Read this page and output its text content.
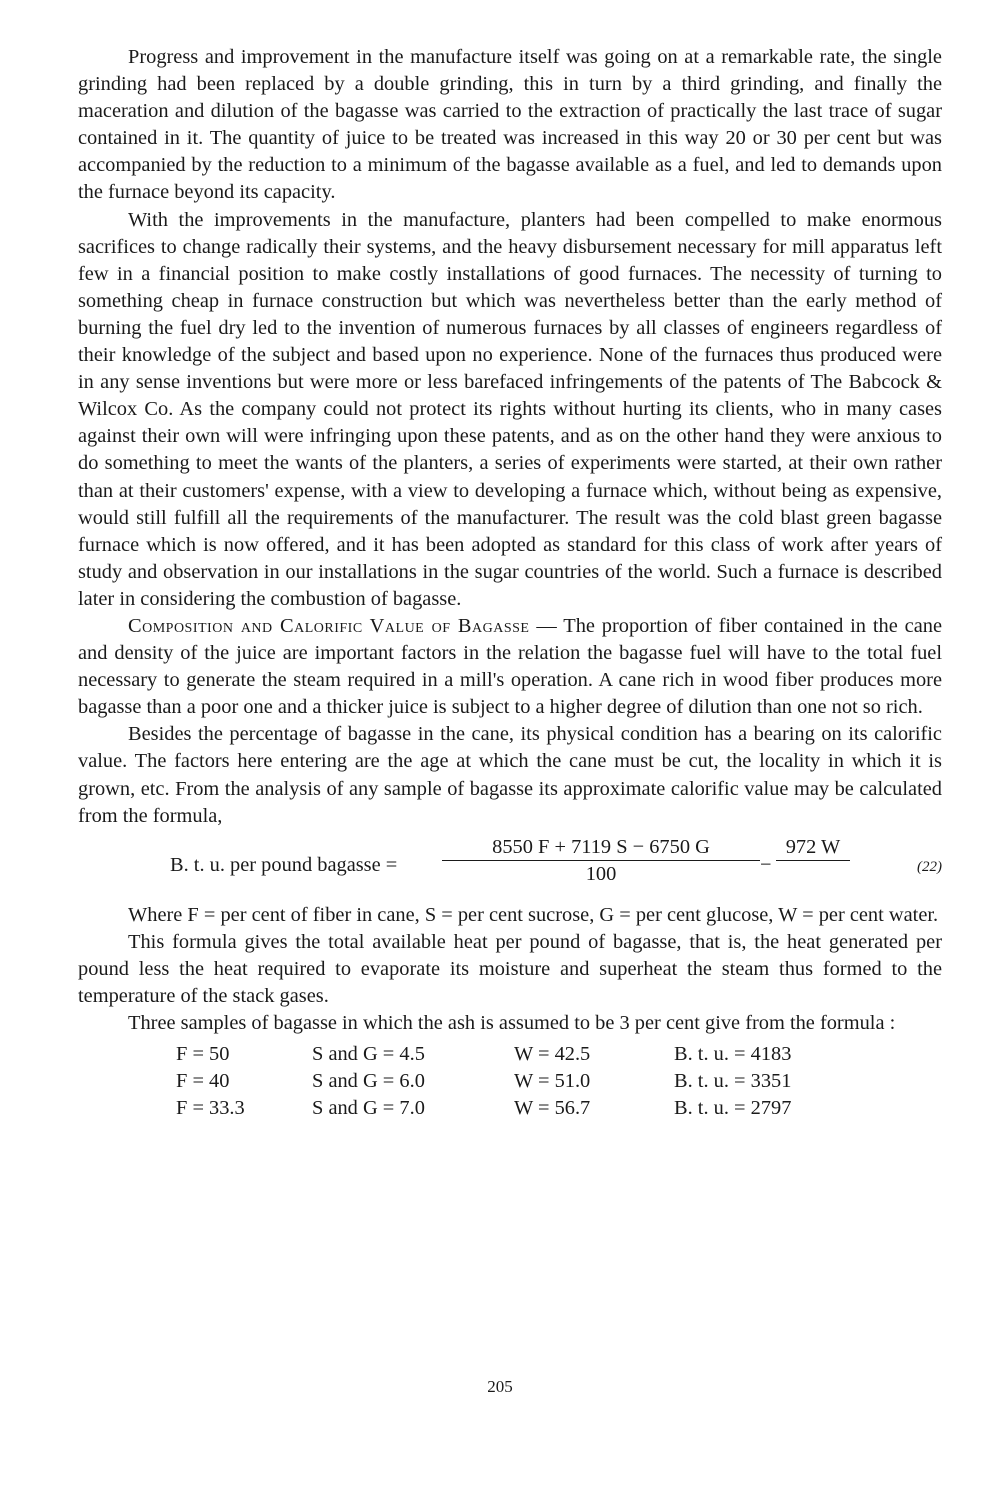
Progress and improvement in the manufacture itself was going on at a remarkable rate, the single grinding had been replaced by a double grinding, this in turn by a third grinding, and finally the maceration and dilution of the bagasse was carried to the extraction of practically the last trace of sugar contained in it. The quantity of juice to be treated was increased in this way 20 or 30 per cent but was accompanied by the reduction to a minimum of the bagasse available as a fuel, and led to demands upon the furnace beyond its capacity.

With the improvements in the manufacture, planters had been compelled to make enormous sacrifices to change radically their systems, and the heavy disbursement necessary for mill apparatus left few in a financial position to make costly installations of good furnaces. The necessity of turning to something cheap in furnace construction but which was nevertheless better than the early method of burning the fuel dry led to the invention of numerous furnaces by all classes of engineers regardless of their knowledge of the subject and based upon no experience. None of the furnaces thus produced were in any sense inventions but were more or less barefaced infringements of the patents of The Babcock & Wilcox Co. As the company could not protect its rights without hurting its clients, who in many cases against their own will were infringing upon these patents, and as on the other hand they were anxious to do something to meet the wants of the planters, a series of experiments were started, at their own rather than at their customers' expense, with a view to developing a furnace which, without being as expensive, would still fulfill all the requirements of the manufacturer. The result was the cold blast green bagasse furnace which is now offered, and it has been adopted as standard for this class of work after years of study and observation in our installations in the sugar countries of the world. Such a furnace is described later in considering the combustion of bagasse.

Composition and Calorific Value of Bagasse — The proportion of fiber contained in the cane and density of the juice are important factors in the relation the bagasse fuel will have to the total fuel necessary to generate the steam required in a mill's operation. A cane rich in wood fiber produces more bagasse than a poor one and a thicker juice is subject to a higher degree of dilution than one not so rich.

Besides the percentage of bagasse in the cane, its physical condition has a bearing on its calorific value. The factors here entering are the age at which the cane must be cut, the locality in which it is grown, etc. From the analysis of any sample of bagasse its approximate calorific value may be calculated from the formula,

B. t. u. per pound bagasse = $\frac{8550 F + 7119 S - 6750 G}{100}$ −
972 W
(22)

Where F = per cent of fiber in cane, S = per cent sucrose, G = per cent glucose, W = per cent water.

This formula gives the total available heat per pound of bagasse, that is, the heat generated per pound less the heat required to evaporate its moisture and superheat the steam thus formed to the temperature of the stack gases.

Three samples of bagasse in which the ash is assumed to be 3 per cent give from the formula :

F = 50	S and G = 4.5	W = 42.5	B. t. u. = 4183
F = 40	S and G = 6.0	W = 51.0	B. t. u. = 3351
F = 33.3	S and G = 7.0	W = 56.7	B. t. u. = 2797
205
